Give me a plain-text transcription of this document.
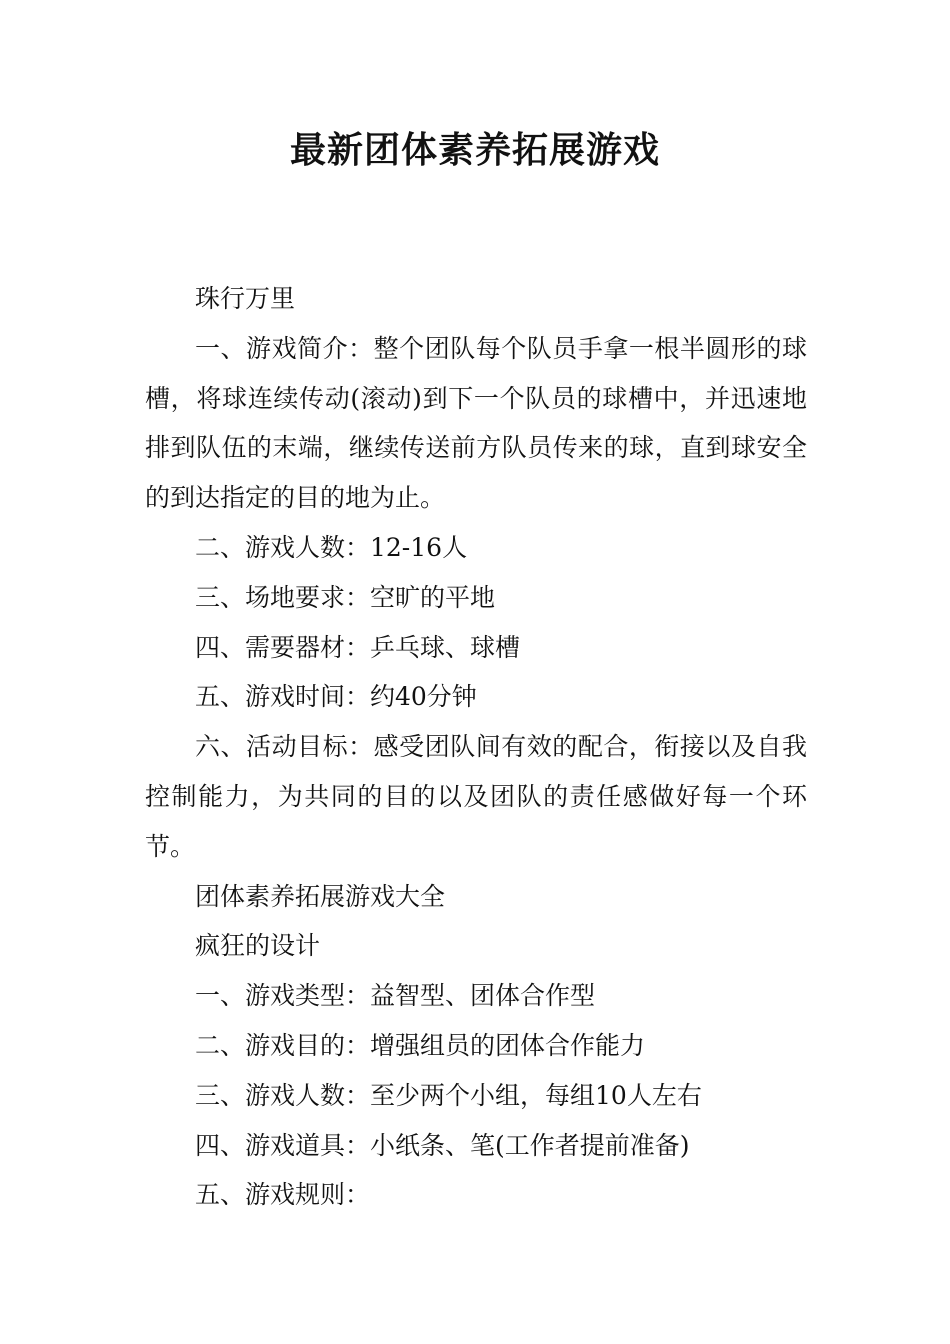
最新团体素养拓展游戏

珠行万里

一、游戏简介：整个团队每个队员手拿一根半圆形的球槽，将球连续传动(滚动)到下一个队员的球槽中，并迅速地排到队伍的末端，继续传送前方队员传来的球，直到球安全的到达指定的目的地为止。

二、游戏人数：12-16人

三、场地要求：空旷的平地

四、需要器材：乒乓球、球槽

五、游戏时间：约40分钟

六、活动目标：感受团队间有效的配合，衔接以及自我控制能力，为共同的目的以及团队的责任感做好每一个环节。

团体素养拓展游戏大全

疯狂的设计

一、游戏类型：益智型、团体合作型

二、游戏目的：增强组员的团体合作能力

三、游戏人数：至少两个小组，每组10人左右

四、游戏道具：小纸条、笔(工作者提前准备)

五、游戏规则：
